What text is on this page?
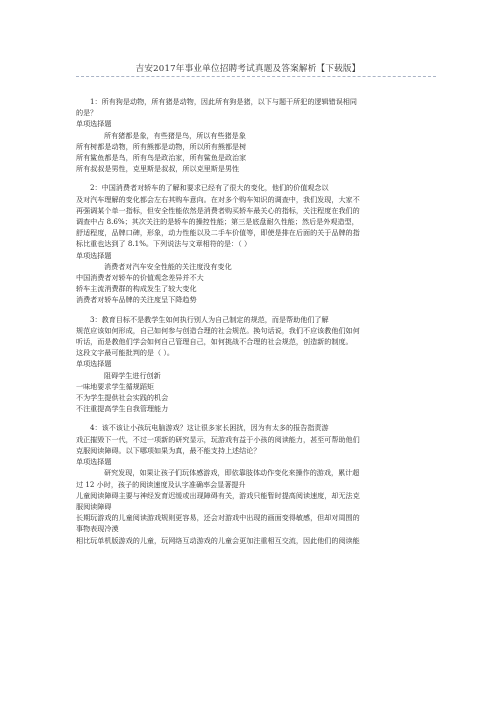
吉安2017年事业单位招聘考试真题及答案解析【下载版】

1：所有狗是动物，所有猪是动物，因此所有狗是猪，以下与题干所犯的逻辑错误相同

的是？

单项选择题

所有猪都是象，有些猪是鸟，所以有些猪是象

所有树都是动物，所有熊都是动物，所以所有熊都是树

所有鲨鱼都是鸟，所有鸟是政治家，所有鲨鱼是政治家

所有叔叔是男性，克里斯是叔叔，所以克里斯是男性

2：中国消费者对轿车的了解和要求已经有了很大的变化，他们的价值观念以

及对汽车理解的变化都会左右其购车意向。在对多个购车知识的调查中，我们发现，大家不

再强调某个单一指标，但安全性能依然是消费者购买轿车最关心的指标，关注程度在我们的

调查中占 8.6%；其次关注的是轿车的操控性能；第三是底盘耐久性能；然后是外观造型，

舒适程度，品牌口碑，形象，动力性能以及二手车价值等，即使是排在后面的关于品牌的指

标比重也达到了 8.1%。下列说法与文章相符的是：（ ）

单项选择题

消费者对汽车安全性能的关注度没有变化

中国消费者对轿车的价值观念差异并不大

轿车主流消费群的构成发生了较大变化

消费者对轿车品牌的关注度呈下降趋势

3：教育目标不是教学生如何执行别人为自己制定的规范，而是帮助他们了解

规范应该如何形成，自己如何参与创造合理的社会规范。换句话说，我们不应该教他们如何

听话，而是教他们学会如何自己管理自己，如何挑战不合理的社会规范，创造新的制度。

这段文字最可能批判的是（ ）。

单项选择题

阻碍学生进行创新

一味地要求学生循规蹈矩

不为学生提供社会实践的机会

不注重提高学生自我管理能力

4：该不该让小孩玩电脑游戏？这让很多家长困扰，因为有太多的报告指责游

戏正摧毁下一代，不过一项新的研究显示，玩游戏有益于小孩的阅读能力，甚至可帮助他们

克服阅读障碍。以下哪项如果为真，最不能支持上述结论？

单项选择题

研究发现，如果让孩子们玩体感游戏，即依靠肢体动作变化来操作的游戏，累计超

过 12 小时，孩子的阅读速度及认字准确率会显著提升

儿童阅读障碍主要与神经发育迟缓或出现障碍有关，游戏只能暂时提高阅读速度，却无法克

服阅读障碍

长期玩游戏的儿童阅读游戏规则更容易，还会对游戏中出现的画面变得敏感，但却对周围的

事物表现冷漠

相比玩单机版游戏的儿童，玩网络互动游戏的儿童会更加注重相互交流，因此他们的阅读能
